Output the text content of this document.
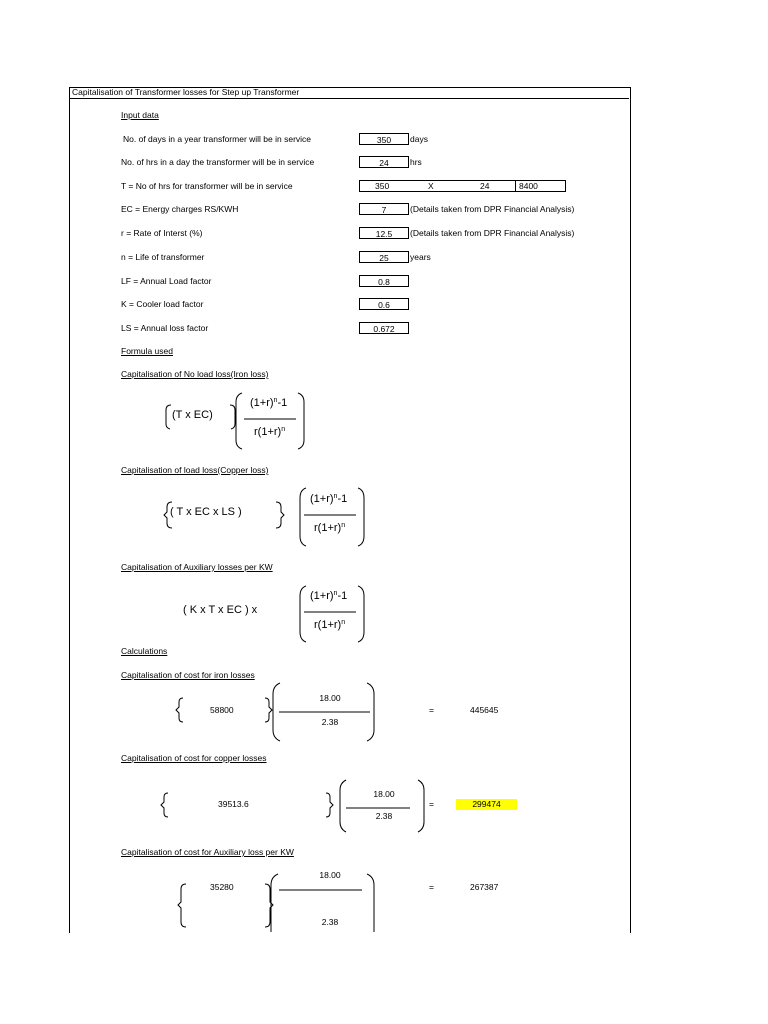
Capitalisation of Transformer losses for Step up Transformer
Input data
No. of days in a year transformer will be in service	350	days
No. of hrs in a day the transformer will be in service	24	hrs
T = No of hrs for transformer will be in service	350	X	24	8400
EC = Energy charges RS/KWH	7	(Details taken from DPR Financial Analysis)
r = Rate of Interst (%)	12.5	(Details taken from DPR Financial Analysis)
n = Life of transformer	25	years
LF = Annual Load factor	0.8
K = Cooler load factor	0.6
LS = Annual loss factor	0.672
Formula used
Capitalisation of No load loss(Iron loss)
(T x EC)
$(1+r)^n-1$
$r(1+r)^n$
Capitalisation of load loss(Copper loss)
( T x EC x LS )
$(1+r)^n-1$
$r(1+r)^n$
Capitalisation of Auxiliary losses per KW
( K x T x EC ) x
$(1+r)^n-1$
$r(1+r)^n$
Calculations
Capitalisation of cost for iron losses
58800
18.00
2.38
=	445645
Capitalisation of cost for copper losses
39513.6
18.00
2.38
=	299474
Capitalisation of cost for Auxiliary loss per KW
35280
18.00
2.38
=	267387
